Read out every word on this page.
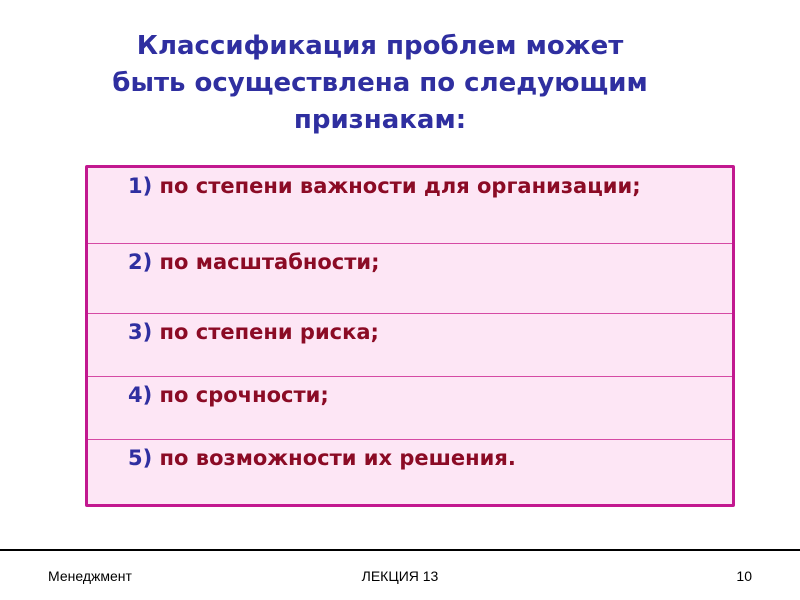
Классификация проблем может
быть осуществлена по следующим
признакам:
1) по степени важности для организации;
2) по масштабности;
3) по степени риска;
4) по срочности;
5) по возможности их решения.
Менеджмент	ЛЕКЦИЯ 13	10
